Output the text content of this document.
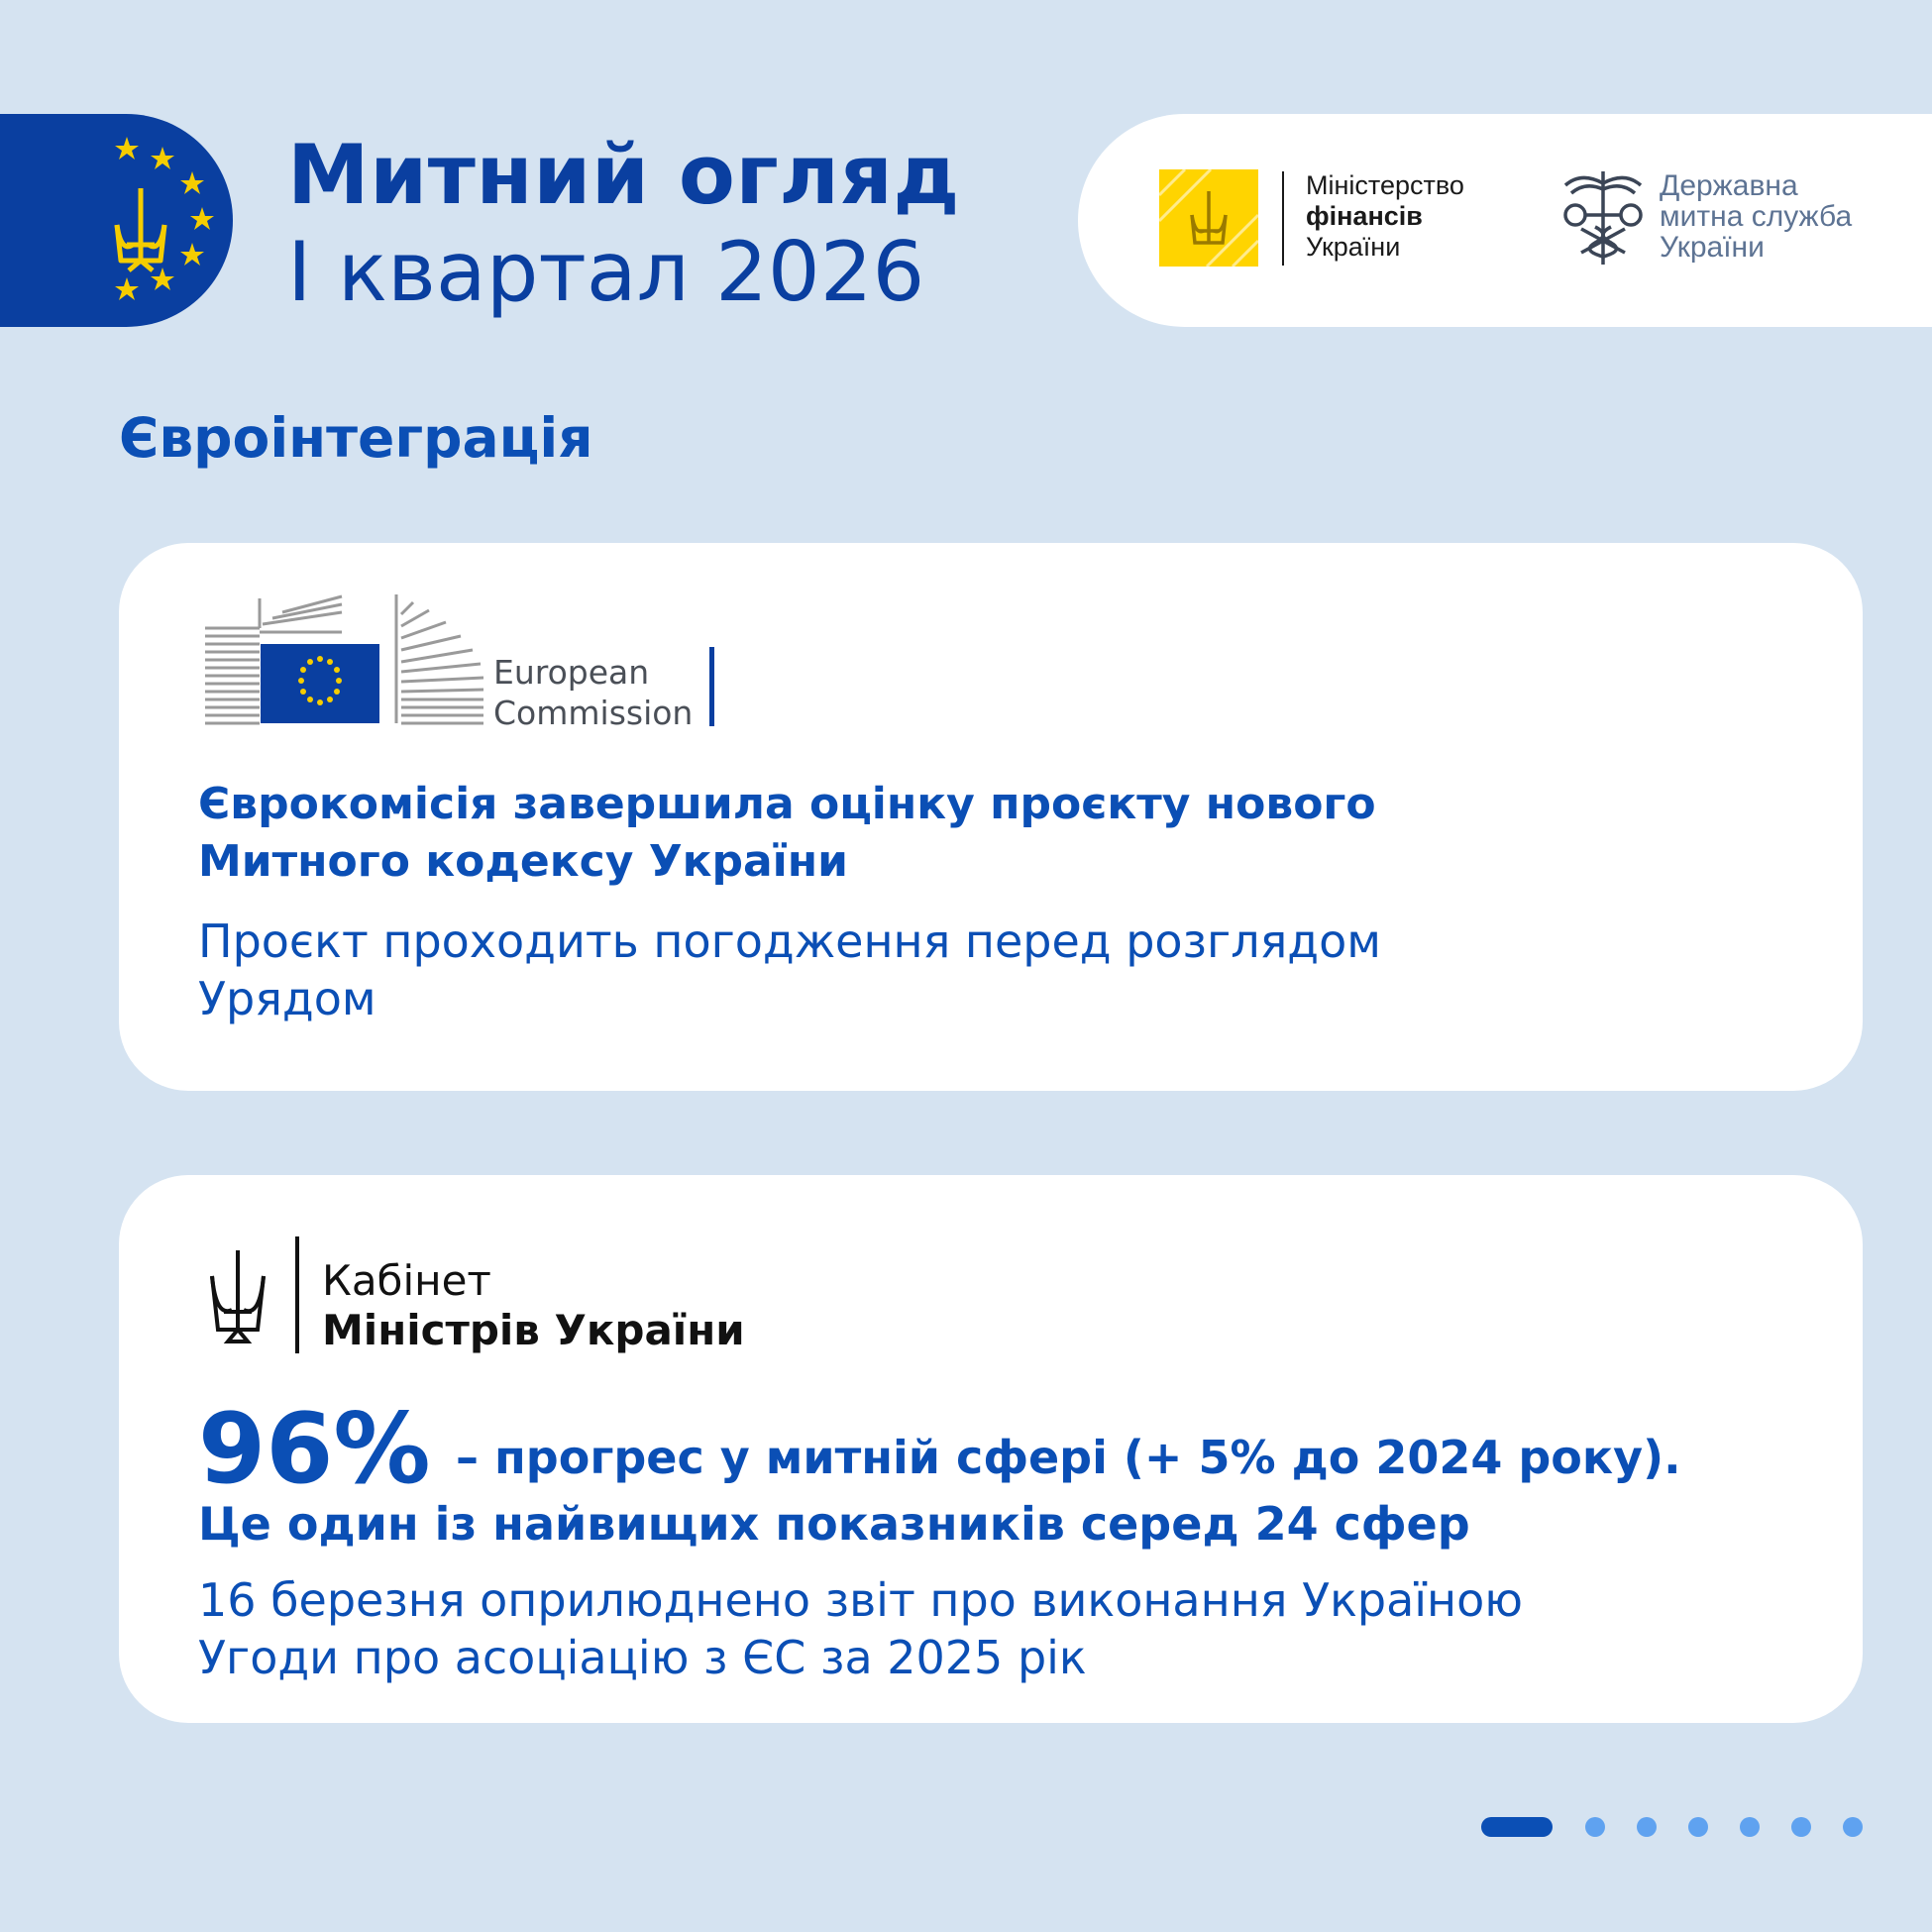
Митний огляд
І квартал 2026
Міністерство
фінансів
України
Державна
митна служба
України
Євроінтеграція
European
Commission
Єврокомісія завершила оцінку проєкту нового
Митного кодексу України
Проєкт проходить погодження перед розглядом
Урядом
Кабінет
Міністрів України
96% – прогрес у митній сфері (+ 5% до 2024 року).
Це один із найвищих показників серед 24 сфер
16 березня оприлюднено звіт про виконання Україною
Угоди про асоціацію з ЄС за 2025 рік
